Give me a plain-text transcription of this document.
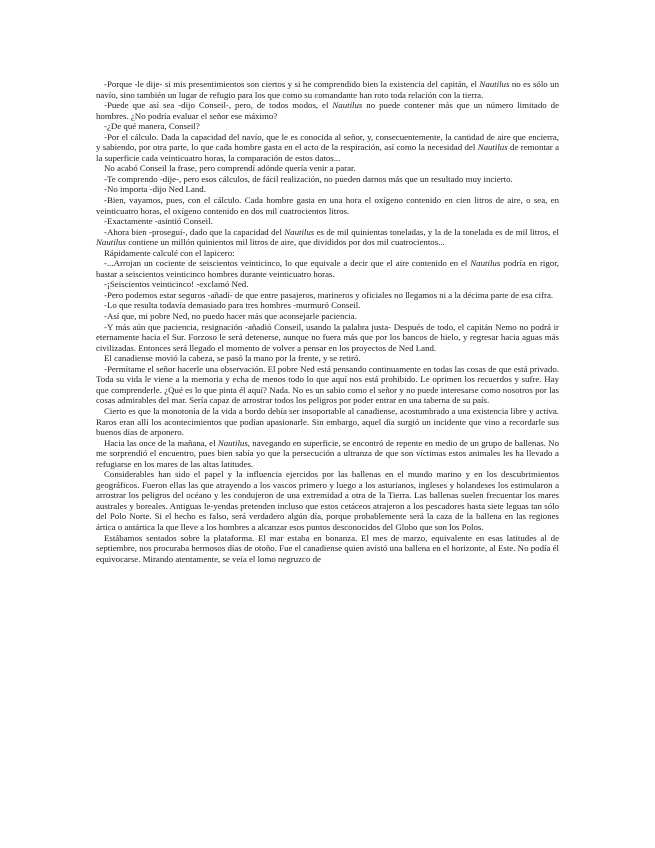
-Porque -le dije- si mis presentimientos son ciertos y si he comprendido bien la existencia del capitán, el Nautilus no es sólo un navío, sino también un lugar de refugio para los que como su comandante han roto toda relación con la tierra.

-Puede que así sea -dijo Conseil-, pero, de todos modos, el Nautilus no puede contener más que un número limitado de hombres. ¿No podría evaluar el señor ese máximo?

-¿De qué manera, Conseil?

-Por el cálculo. Dada la capacidad del navío, que le es conocida al señor, y, consecuentemente, la cantidad de aire que encierra, y sabiendo, por otra parte, lo que cada hombre gasta en el acto de la respiración, así como la necesidad del Nautilus de remontar a la superficie cada veinticuatro horas, la comparación de estos datos...

No acabó Conseil la frase, pero comprendí adónde quería venir a parar.

-Te comprendo -dije-, pero esos cálculos, de fácil realización, no pueden darnos más que un resultado muy incierto.

-No importa -dijo Ned Land.

-Bien, vayamos, pues, con el cálculo. Cada hombre gasta en una hora el oxígeno contenido en cien litros de aire, o sea, en veinticuatro horas, el oxígeno contenido en dos mil cuatrocientos litros.

-Exactamente -asintió Conseil.

-Ahora bien -proseguí-, dado que la capacidad del Nautilus es de mil quinientas toneladas, y la de la tonelada es de mil litros, el Nautilus contiene un millón quinientos mil litros de aire, que divididos por dos mil cuatrocientos...

Rápidamente calculé con el lapicero:

-...Arrojan un cociente de seiscientos veinticinco, lo que equivale a decir que el aire contenido en el Nautilus podría en rigor, bastar a seiscientos veinticinco hombres durante veinticuatro horas.

-¡Seiscientos veinticinco! -exclamó Ned.

-Pero podemos estar seguros -añadí- de que entre pasajeros, marineros y oficiales no llegamos ni a la décima parte de esa cifra.

-Lo que resulta todavía demasiado para tres hombres -murmuró Conseil.

-Así que, mi pobre Ned, no puedo hacer más que aconsejarle paciencia.

-Y más aún que paciencia, resignación -añadió Conseil, usando la palabra justa- Después de todo, el capitán Nemo no podrá ir eternamente hacia el Sur. Forzoso le será detenerse, aunque no fuera más que por los bancos de hielo, y regresar hacia aguas más civilizadas. Entonces será llegado el momento de volver a pensar en los proyectos de Ned Land.

El canadiense movió la cabeza, se pasó la mano por la frente, y se retiró.

-Permítame el señor hacerle una observación. El pobre Ned está pensando continuamente en todas las cosas de que está privado. Toda su vida le viene a la memoria y echa de menos todo lo que aquí nos está prohibido. Le oprimen los recuerdos y sufre. Hay que comprenderle. ¿Qué es lo que pinta él aquí? Nada. No es un sabio como el señor y no puede interesarse como nosotros por las cosas admirables del mar. Sería capaz de arrostrar todos los peligros por poder entrar en una taberna de su país.

Cierto es que la monotonía de la vida a bordo debía ser insoportable al canadiense, acostumbrado a una existencia libre y activa. Raros eran allí los acontecimientos que podían apasionarle. Sin embargo, aquel día surgió un incidente que vino a recordarle sus buenos días de arponero.

Hacia las once de la mañana, el Nautilus, navegando en superficie, se encontró de repente en medio de un grupo de ballenas. No me sorprendió el encuentro, pues bien sabía yo que la persecución a ultranza de que son víctimas estos animales les ha llevado a refugiarse en los mares de las altas latitudes.

Considerables han sido el papel y la influencia ejercidos por las ballenas en el mundo marino y en los descubrimientos geográficos. Fueron ellas las que atrayendo a los vascos primero y luego a los asturianos, ingleses y holandeses los estimularon a arrostrar los peligros del océano y les condujeron de una extremidad a otra de la Tierra. Las ballenas suelen frecuentar los mares australes y boreales. Antiguas le-yendas pretenden incluso que estos cetáceos atrajeron a los pescadores hasta siete leguas tan sólo del Polo Norte. Si el hecho es falso, será verdadero algún día, porque probablemente será la caza de la ballena en las regiones ártica o antártica la que lleve a los hombres a alcanzar esos puntos desconocidos del Globo que son los Polos.

Estábamos sentados sobre la plataforma. El mar estaba en bonanza. El mes de marzo, equivalente en esas latitudes al de septiembre, nos procuraba hermosos días de otoño. Fue el canadiense quien avistó una ballena en el horizonte, al Este. No podía él equivocarse. Mirando atentamente, se veía el lomo negruzco de
